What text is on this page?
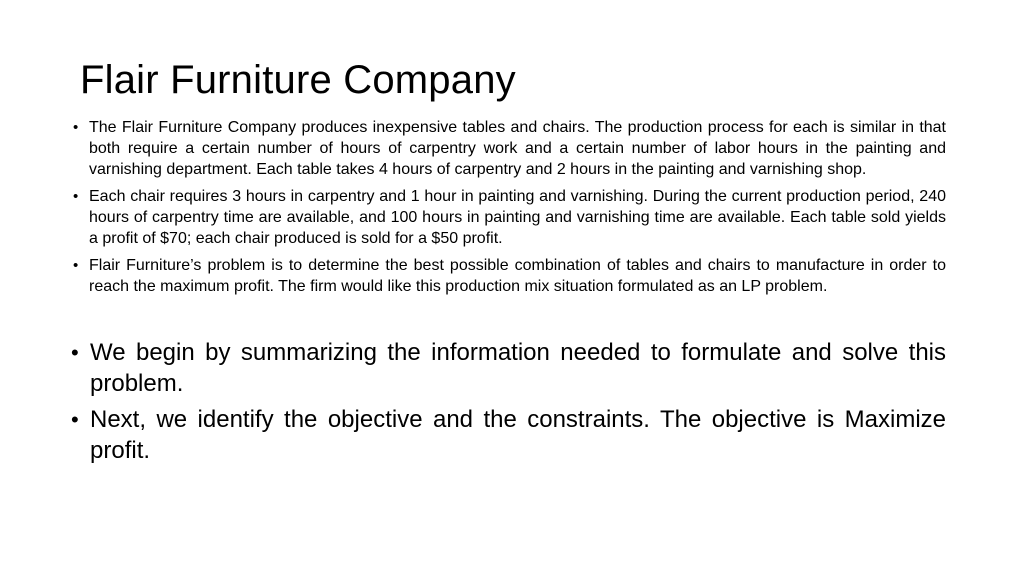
Flair Furniture Company
• The Flair Furniture Company produces inexpensive tables and chairs. The production process for each is similar in that both require a certain number of hours of carpentry work and a certain number of labor hours in the painting and varnishing department. Each table takes 4 hours of carpentry and 2 hours in the painting and varnishing shop.
• Each chair requires 3 hours in carpentry and 1 hour in painting and varnishing. During the current production period, 240 hours of carpentry time are available, and 100 hours in painting and varnishing time are available. Each table sold yields a profit of $70; each chair produced is sold for a $50 profit.
• Flair Furniture’s problem is to determine the best possible combination of tables and chairs to manufacture in order to reach the maximum profit. The firm would like this production mix situation formulated as an LP problem.
• We begin by summarizing the information needed to formulate and solve this problem.
• Next, we identify the objective and the constraints. The objective is Maximize profit.
